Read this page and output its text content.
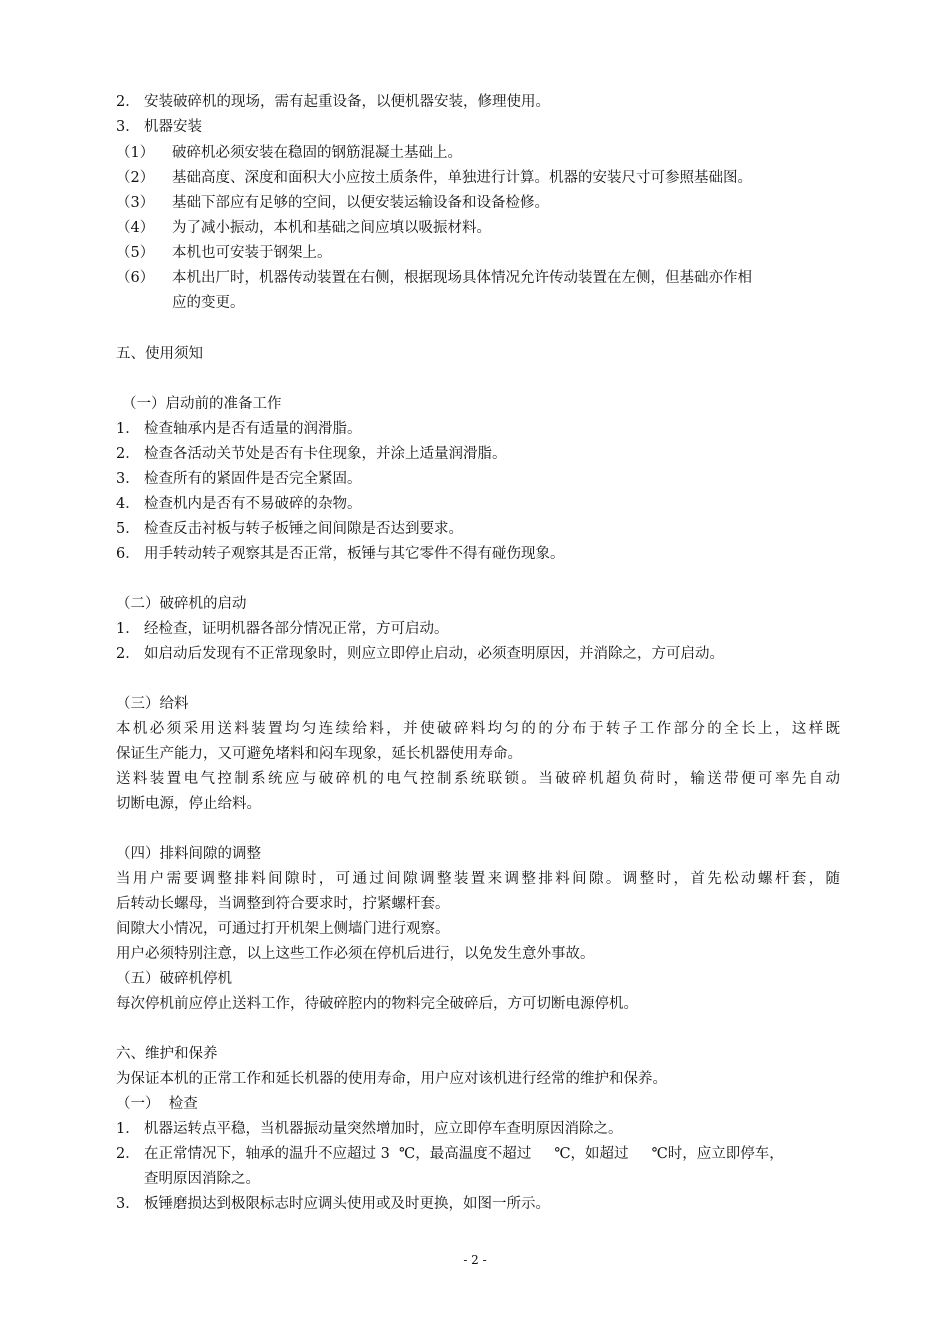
2． 安装破碎机的现场，需有起重设备，以便机器安装，修理使用。
3． 机器安装
（1） 破碎机必须安装在稳固的钢筋混凝土基础上。
（2） 基础高度、深度和面积大小应按土质条件，单独进行计算。机器的安装尺寸可参照基础图。
（3） 基础下部应有足够的空间，以便安装运输设备和设备检修。
（4） 为了减小振动，本机和基础之间应填以吸振材料。
（5） 本机也可安装于钢架上。
（6） 本机出厂时，机器传动装置在右侧，根据现场具体情况允许传动装置在左侧，但基础亦作相
应的变更。
五、使用须知
（一）启动前的准备工作
1． 检查轴承内是否有适量的润滑脂。
2． 检查各活动关节处是否有卡住现象，并涂上适量润滑脂。
3． 检查所有的紧固件是否完全紧固。
4． 检查机内是否有不易破碎的杂物。
5． 检查反击衬板与转子板锤之间间隙是否达到要求。
6． 用手转动转子观察其是否正常，板锤与其它零件不得有碰伤现象。
（二）破碎机的启动
1． 经检查，证明机器各部分情况正常，方可启动。
2． 如启动后发现有不正常现象时，则应立即停止启动，必须查明原因，并消除之，方可启动。
（三）给料
本机必须采用送料装置均匀连续给料，并使破碎料均匀的的分布于转子工作部分的全长上，这样既
保证生产能力，又可避免堵料和闷车现象，延长机器使用寿命。
送料装置电气控制系统应与破碎机的电气控制系统联锁。当破碎机超负荷时，输送带便可率先自动
切断电源，停止给料。
（四）排料间隙的调整
当用户需要调整排料间隙时，可通过间隙调整装置来调整排料间隙。调整时，首先松动螺杆套，随
后转动长螺母，当调整到符合要求时，拧紧螺杆套。
间隙大小情况，可通过打开机架上侧墙门进行观察。
用户必须特别注意，以上这些工作必须在停机后进行，以免发生意外事故。
（五）破碎机停机
每次停机前应停止送料工作，待破碎腔内的物料完全破碎后，方可切断电源停机。
六、维护和保养
为保证本机的正常工作和延长机器的使用寿命，用户应对该机进行经常的维护和保养。
（一）  检查
1． 机器运转点平稳，当机器振动量突然增加时，应立即停车查明原因消除之。
2． 在正常情况下，轴承的温升不应超过 3  ℃，最高温度不超过     ℃，如超过     ℃时，应立即停车，
查明原因消除之。
3． 板锤磨损达到极限标志时应调头使用或及时更换，如图一所示。
- 2 -
